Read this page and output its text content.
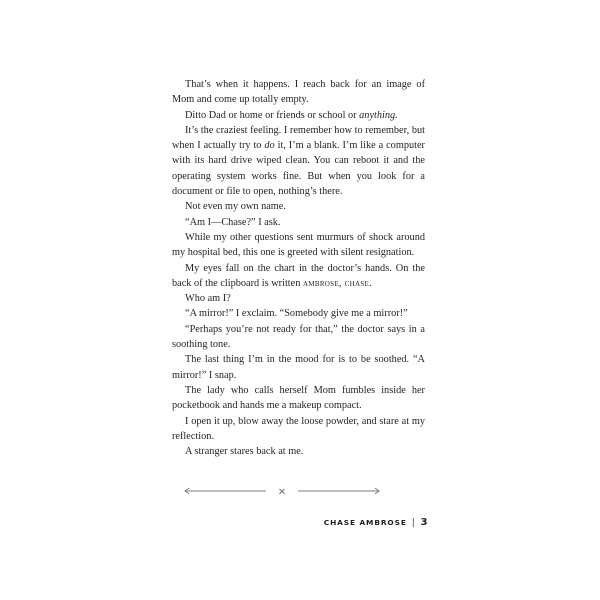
That’s when it happens. I reach back for an image of Mom and come up totally empty.

Ditto Dad or home or friends or school or anything.

It’s the craziest feeling. I remember how to remember, but when I actually try to do it, I’m a blank. I’m like a computer with its hard drive wiped clean. You can reboot it and the operating system works fine. But when you look for a document or file to open, nothing’s there.

Not even my own name.

“Am I—Chase?” I ask.

While my other questions sent murmurs of shock around my hospital bed, this one is greeted with silent resignation.

My eyes fall on the chart in the doctor’s hands. On the back of the clipboard is written ambrose, chase.

Who am I?

“A mirror!” I exclaim. “Somebody give me a mirror!”

“Perhaps you’re not ready for that,” the doctor says in a soothing tone.

The last thing I’m in the mood for is to be soothed. “A mirror!” I snap.

The lady who calls herself Mom fumbles inside her pocketbook and hands me a makeup compact.

I open it up, blow away the loose powder, and stare at my reflection.

A stranger stares back at me.

×
CHASE AMBROSE | 3
